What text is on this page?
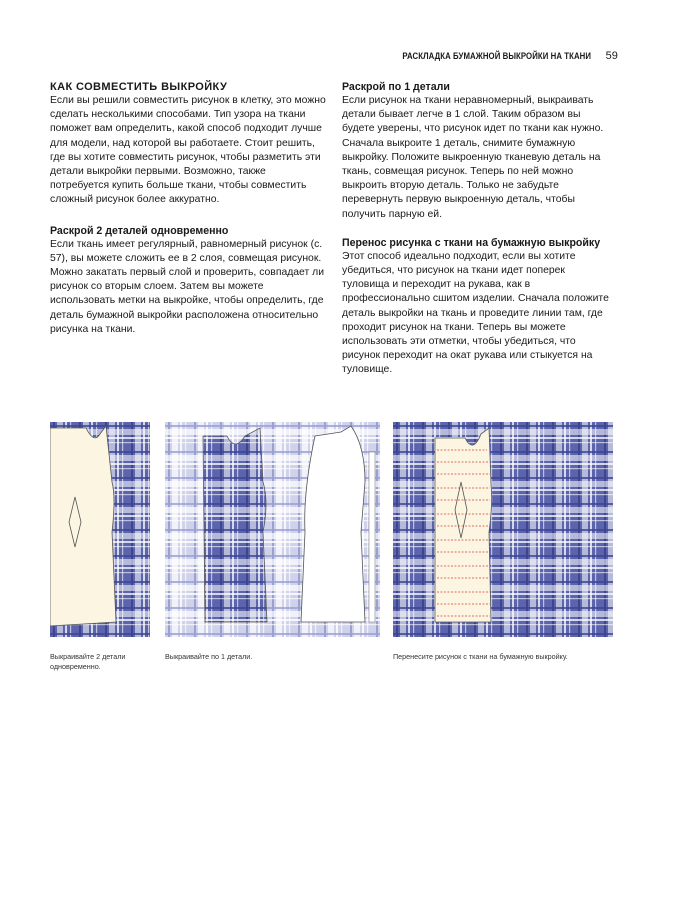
РАСКЛАДКА БУМАЖНОЙ ВЫКРОЙКИ НА ТКАНИ 59
КАК СОВМЕСТИТЬ ВЫКРОЙКУ

Если вы решили совместить рисунок в клетку, это можно сделать несколькими способами. Тип узора на ткани поможет вам определить, какой способ подходит лучше для модели, над которой вы работаете. Стоит решить, где вы хотите совместить рисунок, чтобы разметить эти детали выкройки первыми. Возможно, также потребуется купить больше ткани, чтобы совместить сложный рисунок более аккуратно.

Раскрой 2 деталей одновременно

Если ткань имеет регулярный, равномерный рисунок (с. 57), вы можете сложить ее в 2 слоя, совмещая рисунок. Можно закатать первый слой и проверить, совпадает ли рисунок со вторым слоем. Затем вы можете использовать метки на выкройке, чтобы определить, где деталь бумажной выкройки расположена относительно рисунка на ткани.

Раскрой по 1 детали

Если рисунок на ткани неравномерный, выкраивать детали бывает легче в 1 слой. Таким образом вы будете уверены, что рисунок идет по ткани как нужно. Сначала выкроите 1 деталь, снимите бумажную выкройку. Положите выкроенную тканевую деталь на ткань, совмещая рисунок. Теперь по ней можно выкроить вторую деталь. Только не забудьте перевернуть первую выкроенную деталь, чтобы получить парную ей.

Перенос рисунка с ткани на бумажную выкройку

Этот способ идеально подходит, если вы хотите убедиться, что рисунок на ткани идет поперек туловища и переходит на рукава, как в профессионально сшитом изделии. Сначала положите деталь выкройки на ткань и проведите линии там, где проходит рисунок на ткани. Теперь вы можете использовать эти отметки, чтобы убедиться, что рисунок переходит на окат рукава или стыкуется на туловище.

Выкраивайте 2 детали одновременно.
Выкраивайте по 1 детали.	Перенесите рисунок с ткани на бумажную выкройку.
